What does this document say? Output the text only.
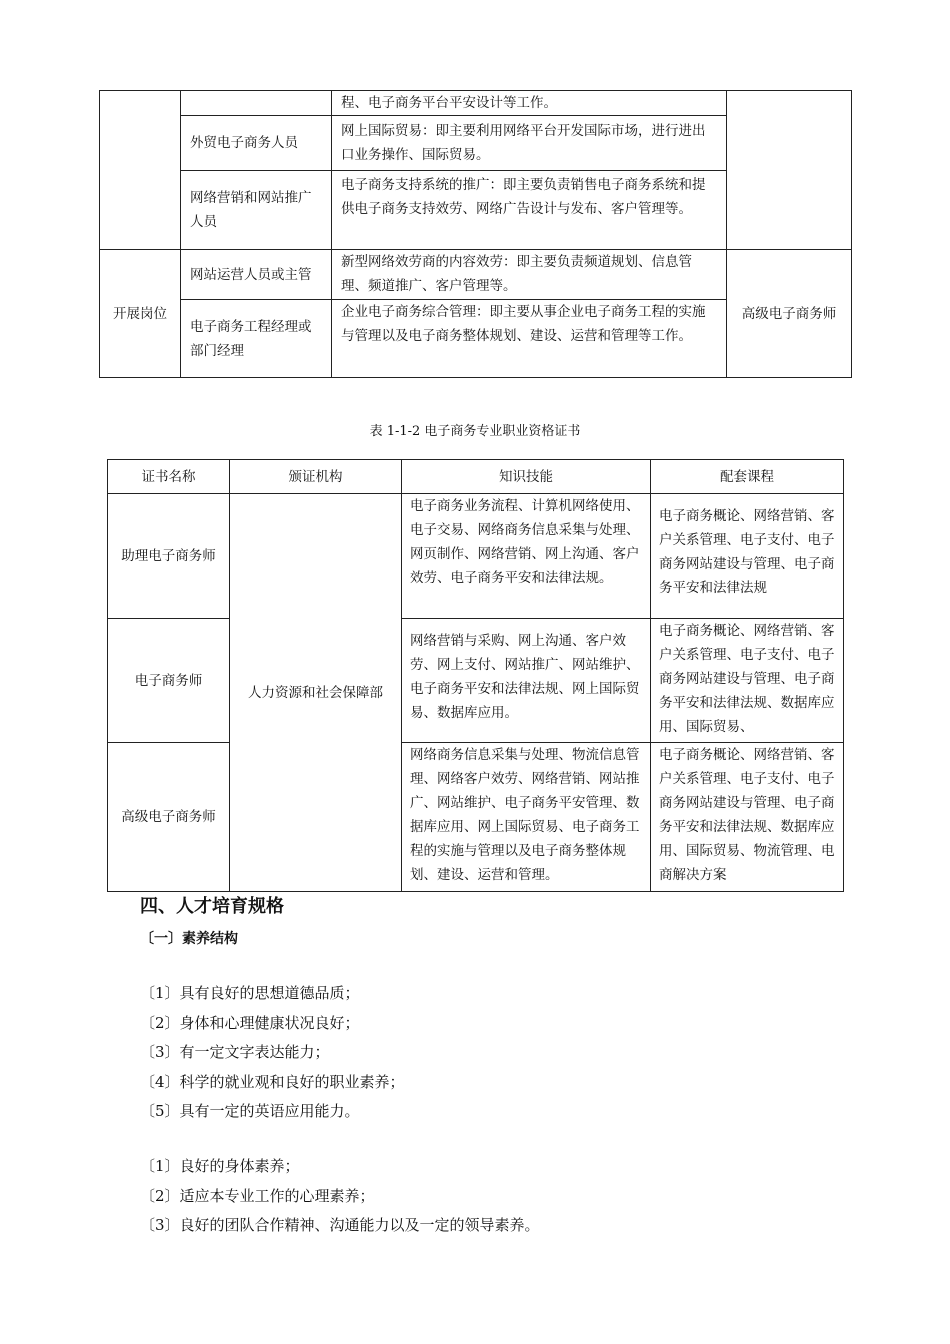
		程、电子商务平台平安设计等工作。	
	外贸电子商务人员	网上国际贸易：即主要利用网络平台开发国际市场，进行进出口业务操作、国际贸易。	
	网络营销和网站推广人员	电子商务支持系统的推广：即主要负责销售电子商务系统和提供电子商务支持效劳、网络广告设计与发布、客户管理等。	
开展岗位	网站运营人员或主管	新型网络效劳商的内容效劳：即主要负责频道规划、信息管理、频道推广、客户管理等。	高级电子商务师
	电子商务工程经理或部门经理	企业电子商务综合管理：即主要从事企业电子商务工程的实施与管理以及电子商务整体规划、建设、运营和管理等工作。	
表 1-1-2 电子商务专业职业资格证书
证书名称	颁证机构	知识技能	配套课程
助理电子商务师	人力资源和社会保障部	电子商务业务流程、计算机网络使用、电子交易、网络商务信息采集与处理、网页制作、网络营销、网上沟通、客户效劳、电子商务平安和法律法规。	电子商务概论、网络营销、客户关系管理、电子支付、电子商务网站建设与管理、电子商务平安和法律法规
电子商务师		网络营销与采购、网上沟通、客户效劳、网上支付、网站推广、网站维护、电子商务平安和法律法规、网上国际贸易、数据库应用。	电子商务概论、网络营销、客户关系管理、电子支付、电子商务网站建设与管理、电子商务平安和法律法规、数据库应用、国际贸易、
高级电子商务师		网络商务信息采集与处理、物流信息管理、网络客户效劳、网络营销、网站推广、网站维护、电子商务平安管理、数据库应用、网上国际贸易、电子商务工程的实施与管理以及电子商务整体规划、建设、运营和管理。	电子商务概论、网络营销、客户关系管理、电子支付、电子商务网站建设与管理、电子商务平安和法律法规、数据库应用、国际贸易、物流管理、电商解决方案
四、人才培育规格
〔一〕素养结构
〔1〕具有良好的思想道德品质；
〔2〕身体和心理健康状况良好；
〔3〕有一定文字表达能力；
〔4〕科学的就业观和良好的职业素养；
〔5〕具有一定的英语应用能力。
〔1〕良好的身体素养；
〔2〕适应本专业工作的心理素养；
〔3〕良好的团队合作精神、沟通能力以及一定的领导素养。
